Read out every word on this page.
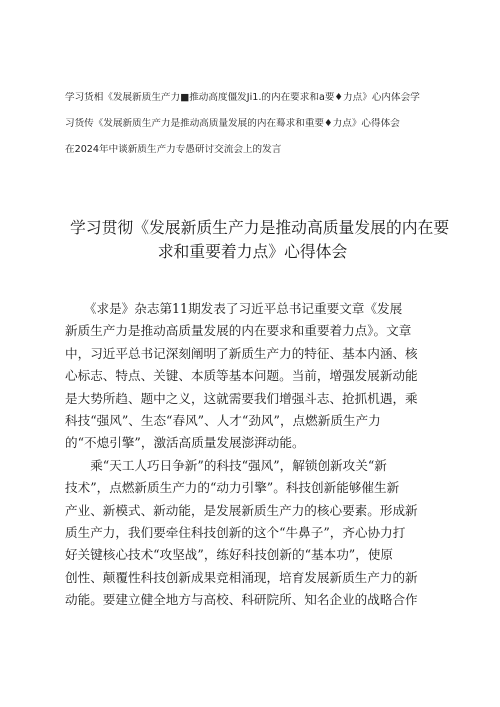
学习货相《发展新质生产力■推动高度僵发Ji1.的内在要求和a要♦力点》心内体会学
习货传《发展新质生产力是推动高质量发展的内在蓦求和重要♦力点》心得体会
在2024年中谈新质生产力专愚研讨交流会上的发言
学习贯彻《发展新质生产力是推动高质量发展的内在要
求和重要着力点》心得体会
　　《求是》杂志第11期发表了习近平总书记重要文章《发展
新质生产力是推动高质量发展的内在要求和重要着力点》。文章
中，习近平总书记深刻阐明了新质生产力的特征、基本内涵、核
心标志、特点、关键、本质等基本问题。当前，增强发展新动能
是大势所趋、题中之义，这就需要我们增强斗志、抢抓机遇，乘
科技“强风”、生态“春风”、人才“劲风”，点燃新质生产力
的“不熄引擎”，激活高质量发展澎湃动能。
　　乘“天工人巧日争新”的科技“强风”，解锁创新攻关“新
技术”，点燃新质生产力的“动力引擎”。科技创新能够催生新
产业、新模式、新动能，是发展新质生产力的核心要素。形成新
质生产力，我们要牵住科技创新的这个“牛鼻子”，齐心协力打
好关键核心技术“攻坚战”，练好科技创新的“基本功”，使原
创性、颠覆性科技创新成果竞相涌现，培育发展新质生产力的新
动能。要建立健全地方与高校、科研院所、知名企业的战略合作
